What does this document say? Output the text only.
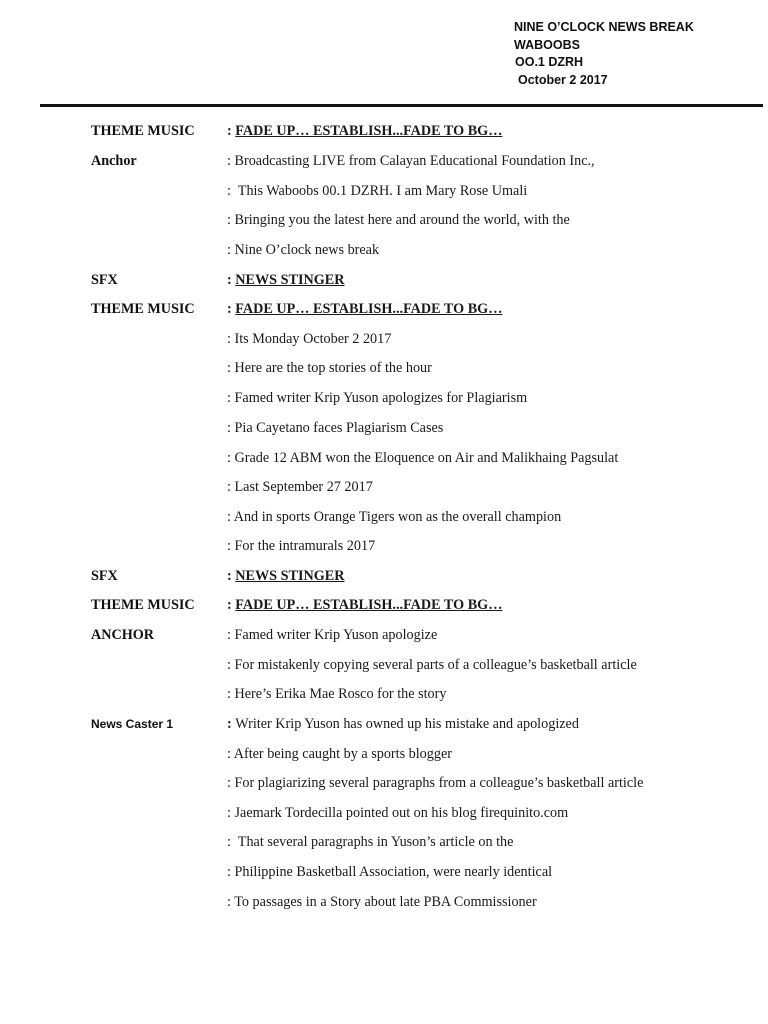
NINE O’CLOCK NEWS BREAK
WABOOBS
OO.1 DZRH
October 2 2017
THEME MUSIC : FADE UP… ESTABLISH...FADE TO BG…
Anchor	: Broadcasting LIVE from Calayan Educational Foundation Inc.,
:  This Waboobs 00.1 DZRH. I am Mary Rose Umali
: Bringing you the latest here and around the world, with the
: Nine O’clock news break
SFX	: NEWS STINGER
THEME MUSIC : FADE UP… ESTABLISH...FADE TO BG…
: Its Monday October 2 2017
: Here are the top stories of the hour
: Famed writer Krip Yuson apologizes for Plagiarism
: Pia Cayetano faces Plagiarism Cases
: Grade 12 ABM won the Eloquence on Air and Malikhaing Pagsulat
: Last September 27 2017
: And in sports Orange Tigers won as the overall champion
: For the intramurals 2017
SFX	: NEWS STINGER
THEME MUSIC : FADE UP… ESTABLISH...FADE TO BG…
ANCHOR	: Famed writer Krip Yuson apologize
: For mistakenly copying several parts of a colleague’s basketball article
: Here’s Erika Mae Rosco for the story
News Caster 1	: Writer Krip Yuson has owned up his mistake and apologized
: After being caught by a sports blogger
: For plagiarizing several paragraphs from a colleague’s basketball article
: Jaemark Tordecilla pointed out on his blog firequinito.com
:  That several paragraphs in Yuson’s article on the
: Philippine Basketball Association, were nearly identical
: To passages in a Story about late PBA Commissioner
